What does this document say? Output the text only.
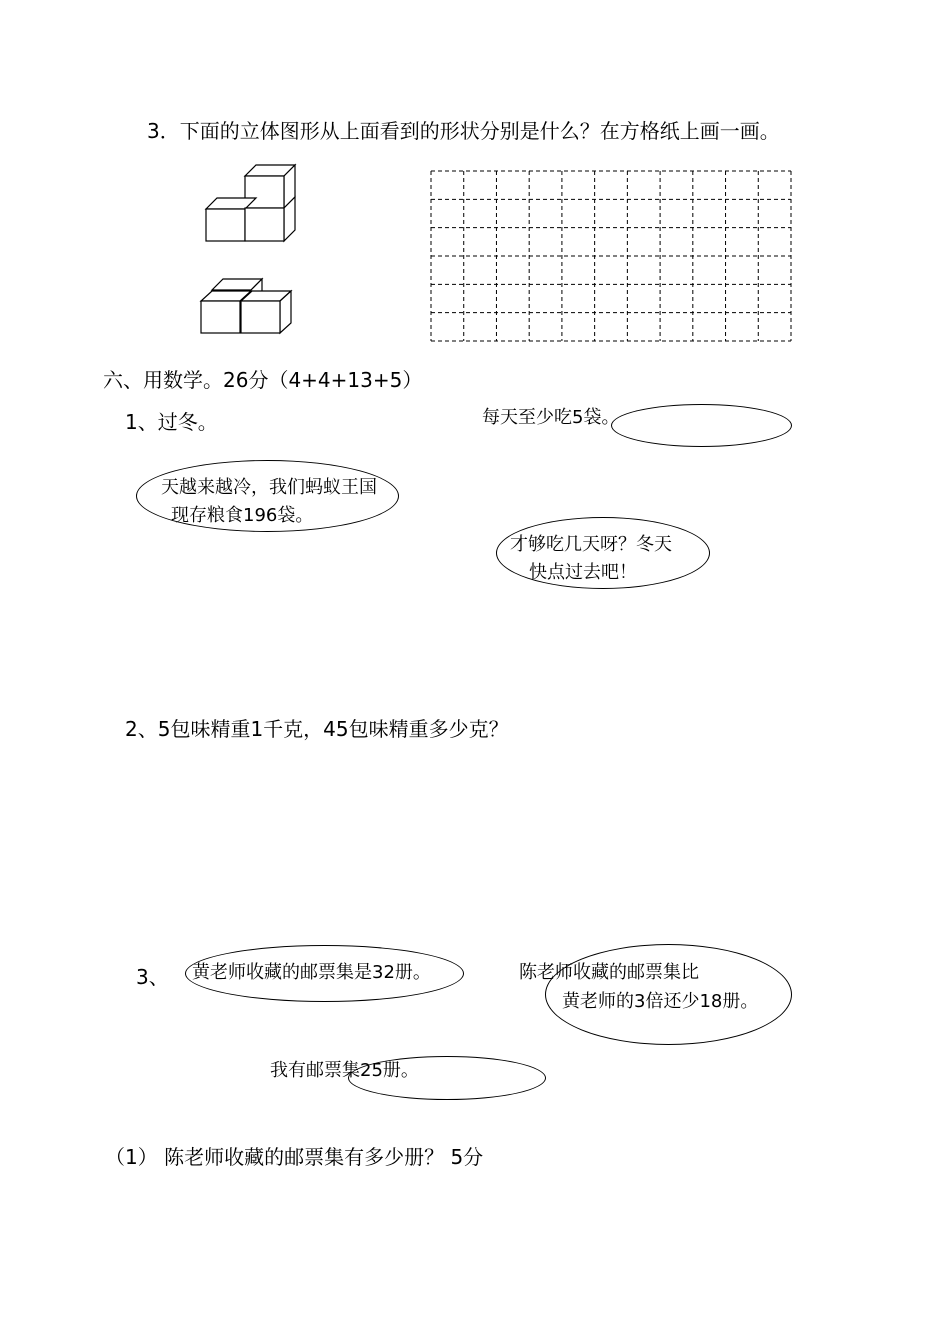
3．下面的立体图形从上面看到的形状分别是什么？在方格纸上画一画。
六、用数学。26分（4+4+13+5）
1、过冬。	每天至少吃5袋。
天越来越冷，我们蚂蚁王国
现存粮食196袋。
才够吃几天呀？冬天
快点过去吧！
2、5包味精重1千克，45包味精重多少克？
3、 黄老师收藏的邮票集是32册。	陈老师收藏的邮票集比
黄老师的3倍还少18册。
我有邮票集25册。
（1） 陈老师收藏的邮票集有多少册？ 5分
